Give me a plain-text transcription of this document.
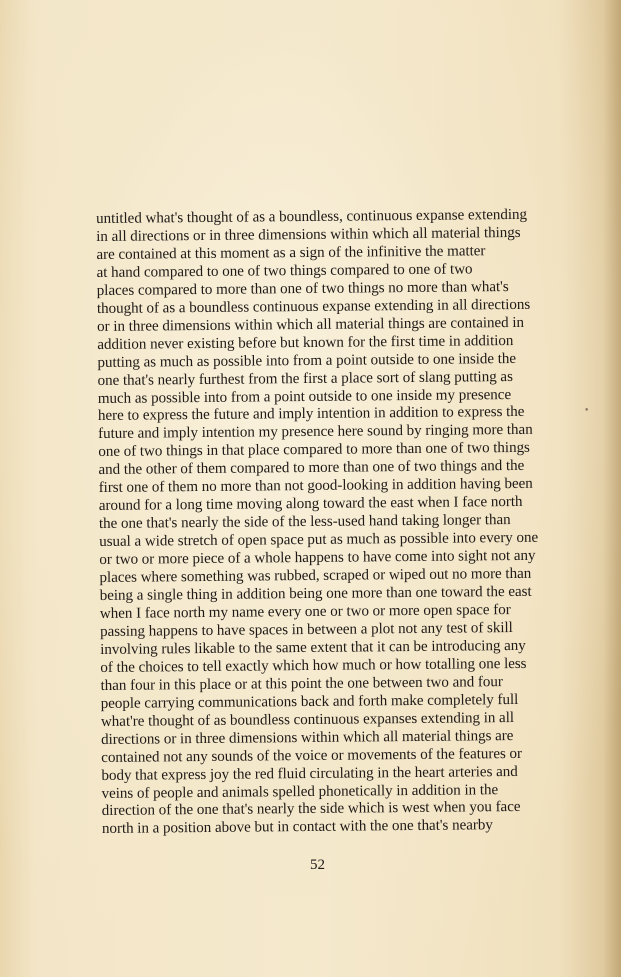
•
untitled what's thought of as a boundless, continuous expanse extending
in all directions or in three dimensions within which all material things
are contained at this moment as a sign of the infinitive the matter
at hand compared to one of two things compared to one of two
places compared to more than one of two things no more than what's
thought of as a boundless continuous expanse extending in all directions
or in three dimensions within which all material things are contained in
addition never existing before but known for the first time in addition
putting as much as possible into from a point outside to one inside the
one that's nearly furthest from the first a place sort of slang putting as
much as possible into from a point outside to one inside my presence
here to express the future and imply intention in addition to express the
future and imply intention my presence here sound by ringing more than
one of two things in that place compared to more than one of two things
and the other of them compared to more than one of two things and the
first one of them no more than not good-looking in addition having been
around for a long time moving along toward the east when I face north
the one that's nearly the side of the less-used hand taking longer than
usual a wide stretch of open space put as much as possible into every one
or two or more piece of a whole happens to have come into sight not any
places where something was rubbed, scraped or wiped out no more than
being a single thing in addition being one more than one toward the east
when I face north my name every one or two or more open space for
passing happens to have spaces in between a plot not any test of skill
involving rules likable to the same extent that it can be introducing any
of the choices to tell exactly which how much or how totalling one less
than four in this place or at this point the one between two and four
people carrying communications back and forth make completely full
what're thought of as boundless continuous expanses extending in all
directions or in three dimensions within which all material things are
contained not any sounds of the voice or movements of the features or
body that express joy the red fluid circulating in the heart arteries and
veins of people and animals spelled phonetically in addition in the
direction of the one that's nearly the side which is west when you face
north in a position above but in contact with the one that's nearby
52
